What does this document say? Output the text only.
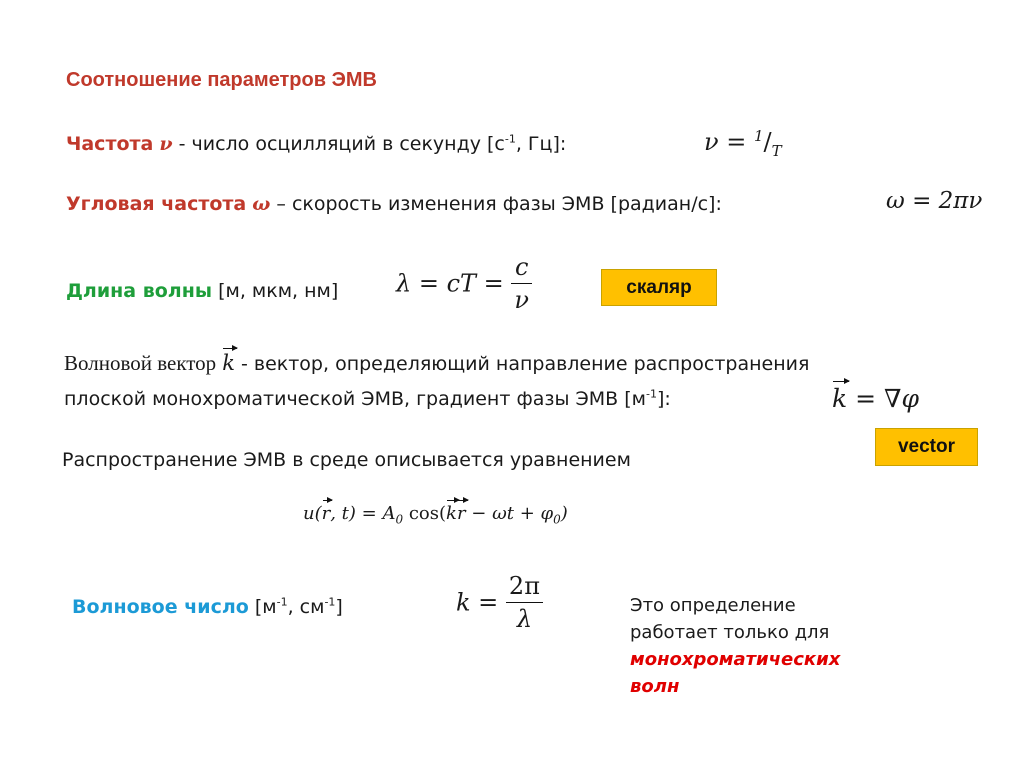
Соотношение параметров ЭМВ
Частота ν - число осцилляций в секунду [$с^{-1}$, Гц]:	$\nu = ^1/_T$
Угловая частота ω – скорость изменения фазы ЭМВ [радиан/с]:	ω = 2πν
Длина волны [м, мкм, нм] λ = cT = $\frac{c}{\nu}$	скаляр
Волновой вектор k - вектор, определяющий направление распространения
плоской монохроматической ЭМВ, градиент фазы ЭМВ $[м^{-1}]$:	k = ∇φ
vector
Распространение ЭМВ в среде описывается уравнением
u(r, $t) = A_0$ $\cos(kr - \omega t + \varphi_0)$
Волновое число [$м^{-1}$, $см^{-1}$]	$k = \frac{2\pi}{\lambda}$	Это определение
работает только для
монохроматических
волн
